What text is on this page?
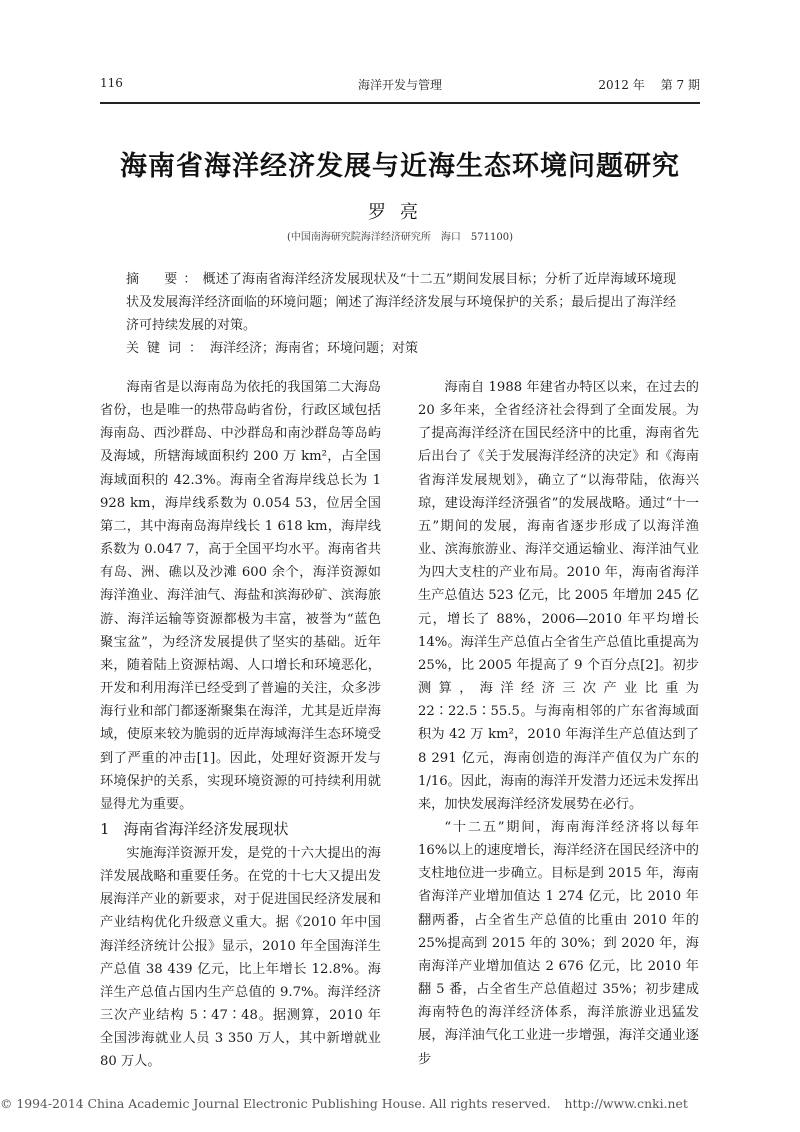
116	海洋开发与管理	2012 年 第 7 期
海南省海洋经济发展与近海生态环境问题研究
罗亮
(中国南海研究院海洋经济研究所　海口　571100)

摘　要：概述了海南省海洋经济发展现状及“十二五”期间发展目标；分析了近岸海域环境现状及发展海洋经济面临的环境问题；阐述了海洋经济发展与环境保护的关系；最后提出了海洋经济可持续发展的对策。

关键词：海洋经济；海南省；环境问题；对策

海南省是以海南岛为依托的我国第二大海岛省份，也是唯一的热带岛屿省份，行政区域包括海南岛、西沙群岛、中沙群岛和南沙群岛等岛屿及海域，所辖海域面积约 200 万 km²，占全国海域面积的 42.3%。海南全省海岸线总长为 1 928 km，海岸线系数为 0.054 53，位居全国第二，其中海南岛海岸线长 1 618 km，海岸线系数为 0.047 7，高于全国平均水平。海南省共有岛、洲、礁以及沙滩 600 余个，海洋资源如海洋渔业、海洋油气、海盐和滨海砂矿、滨海旅游、海洋运输等资源都极为丰富，被誉为“蓝色聚宝盆”，为经济发展提供了坚实的基础。近年来，随着陆上资源枯竭、人口增长和环境恶化，开发和利用海洋已经受到了普遍的关注，众多涉海行业和部门都逐渐聚集在海洋，尤其是近岸海域，使原来较为脆弱的近岸海域海洋生态环境受到了严重的冲击[1]。因此，处理好资源开发与环境保护的关系，实现环境资源的可持续利用就显得尤为重要。

1 海南省海洋经济发展现状

实施海洋资源开发，是党的十六大提出的海洋发展战略和重要任务。在党的十七大又提出发展海洋产业的新要求，对于促进国民经济发展和产业结构优化升级意义重大。据《2010 年中国海洋经济统计公报》显示，2010 年全国海洋生产总值 38 439 亿元，比上年增长 12.8%。海洋生产总值占国内生产总值的 9.7%。海洋经济三次产业结构 5∶47∶48。据测算，2010 年全国涉海就业人员 3 350 万人，其中新增就业 80 万人。

海南自 1988 年建省办特区以来，在过去的 20 多年来，全省经济社会得到了全面发展。为了提高海洋经济在国民经济中的比重，海南省先后出台了《关于发展海洋经济的决定》和《海南省海洋发展规划》，确立了“以海带陆，依海兴琼，建设海洋经济强省”的发展战略。通过“十一五”期间的发展，海南省逐步形成了以海洋渔业、滨海旅游业、海洋交通运输业、海洋油气业为四大支柱的产业布局。2010 年，海南省海洋生产总值达 523 亿元，比 2005 年增加 245 亿元，增长了 88%，2006—2010 年平均增长 14%。海洋生产总值占全省生产总值比重提高为 25%，比 2005 年提高了 9 个百分点[2]。初步测算，海洋经济三次产业比重为 22∶22.5∶55.5。与海南相邻的广东省海域面积为 42 万 km²，2010 年海洋生产总值达到了 8 291 亿元，海南创造的海洋产值仅为广东的 1/16。因此，海南的海洋开发潜力还远未发挥出来，加快发展海洋经济发展势在必行。

“十二五”期间，海南海洋经济将以每年 16%以上的速度增长，海洋经济在国民经济中的支柱地位进一步确立。目标是到 2015 年，海南省海洋产业增加值达 1 274 亿元，比 2010 年翻两番，占全省生产总值的比重由 2010 年的 25%提高到 2015 年的 30%；到 2020 年，海南海洋产业增加值达 2 676 亿元，比 2010 年翻 5 番，占全省生产总值超过 35%；初步建成海南特色的海洋经济体系，海洋旅游业迅猛发展，海洋油气化工业进一步增强，海洋交通业逐步

© 1994-2014 China Academic Journal Electronic Publishing House. All rights reserved. http://www.cnki.net
